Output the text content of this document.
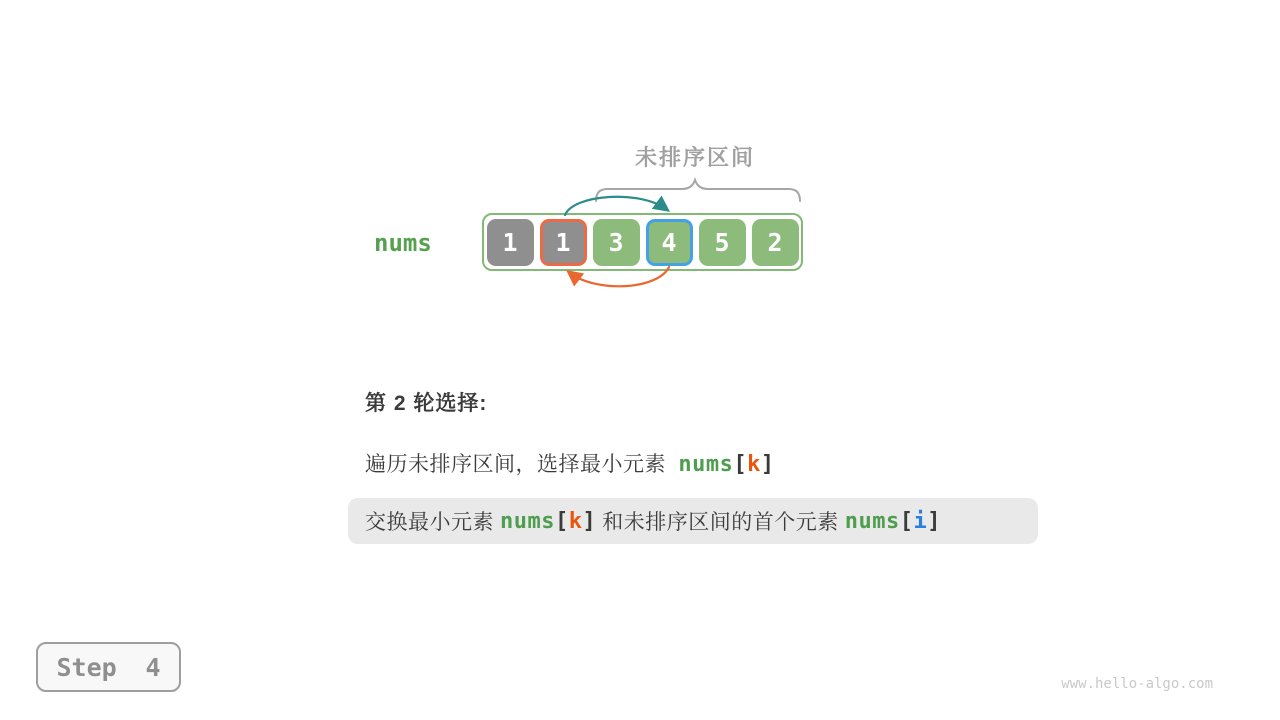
未排序区间
nums	1	1	3	4	5	2
第 2 轮选择:
遍历未排序区间，选择最小元素 nums[k]
交换最小元素 nums[k] 和未排序区间的首个元素 nums[i]
Step 4
www.hello-algo.com
